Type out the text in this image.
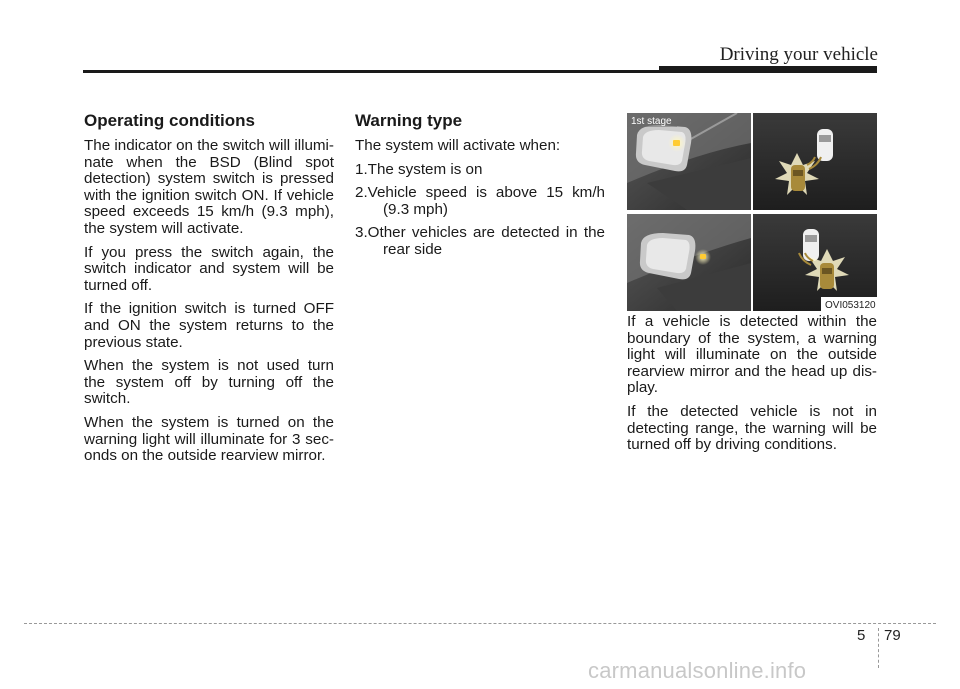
Driving your vehicle
Operating conditions

The indicator on the switch will illumi-nate when the BSD (Blind spot detection) system switch is pressed with the ignition switch ON. If vehicle speed exceeds 15 km/h (9.3 mph), the system will activate.

If you press the switch again, the switch indicator and system will be turned off.

If the ignition switch is turned OFF and ON the system returns to the previous state.

When the system is not used turn the system off by turning off the switch.

When the system is turned on the warning light will illuminate for 3 sec-onds on the outside rearview mirror.

Warning type

The system will activate when:

1.The system is on

2.Vehicle speed is above 15 km/h (9.3 mph)

3.Other vehicles are detected in the rear side

1st stage
OVI053120

If a vehicle is detected within the boundary of the system, a warning light will illuminate on the outside rearview mirror and the head up dis-play.

If the detected vehicle is not in detecting range, the warning will be turned off by driving conditions.

5 79
carmanualsonline.info
